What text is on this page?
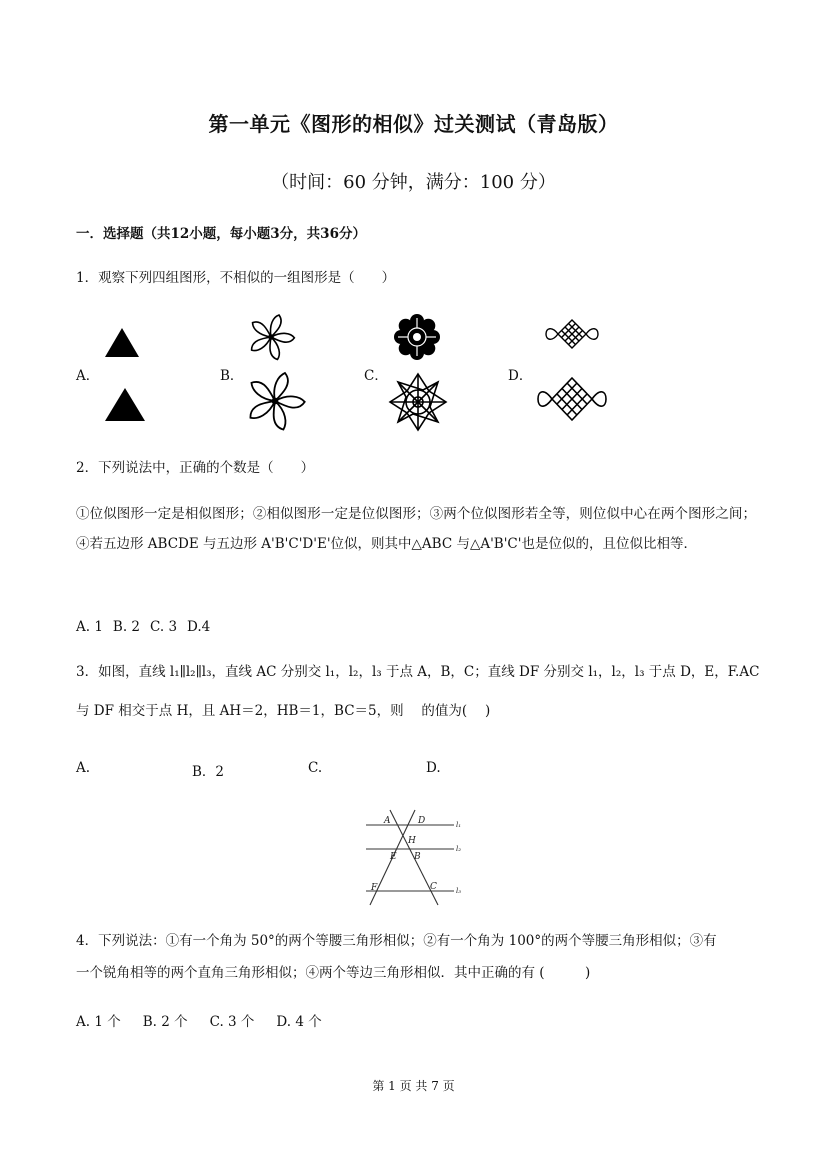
第一单元《图形的相似》过关测试（青岛版）
（时间：60 分钟，满分：100 分）
一．选择题（共12小题，每小题3分，共36分）
1．观察下列四组图形，不相似的一组图形是（　　）
A．	B．	C．	D．
2．下列说法中，正确的个数是（　　）
①位似图形一定是相似图形；②相似图形一定是位似图形；③两个位似图形若全等，则位似中心在两个图形之间；④若五边形 ABCDE 与五边形 A'B'C'D'E'位似，则其中△ABC 与△A'B'C'也是位似的，且位似比相等．
A. 1 B. 2 C. 3 D.4
3．如图，直线 l₁∥l₂∥l₃，直线 AC 分别交 l₁，l₂，l₃ 于点 A，B，C；直线 DF 分别交 l₁，l₂，l₃ 于点 D，E，F.AC
与 DF 相交于点 H，且 AH＝2，HB＝1，BC＝5，则 　的值为(　 )
A.	B．2	C.	D.
A	D
H
E B
F	C
l₁
l₂
l₃
4．下列说法：①有一个角为 50°的两个等腰三角形相似；②有一个角为 100°的两个等腰三角形相似；③有
一个锐角相等的两个直角三角形相似；④两个等边三角形相似．其中正确的有 (　　　)
A. 1 个 B. 2 个 C. 3 个 D. 4 个
第 1 页 共 7 页
